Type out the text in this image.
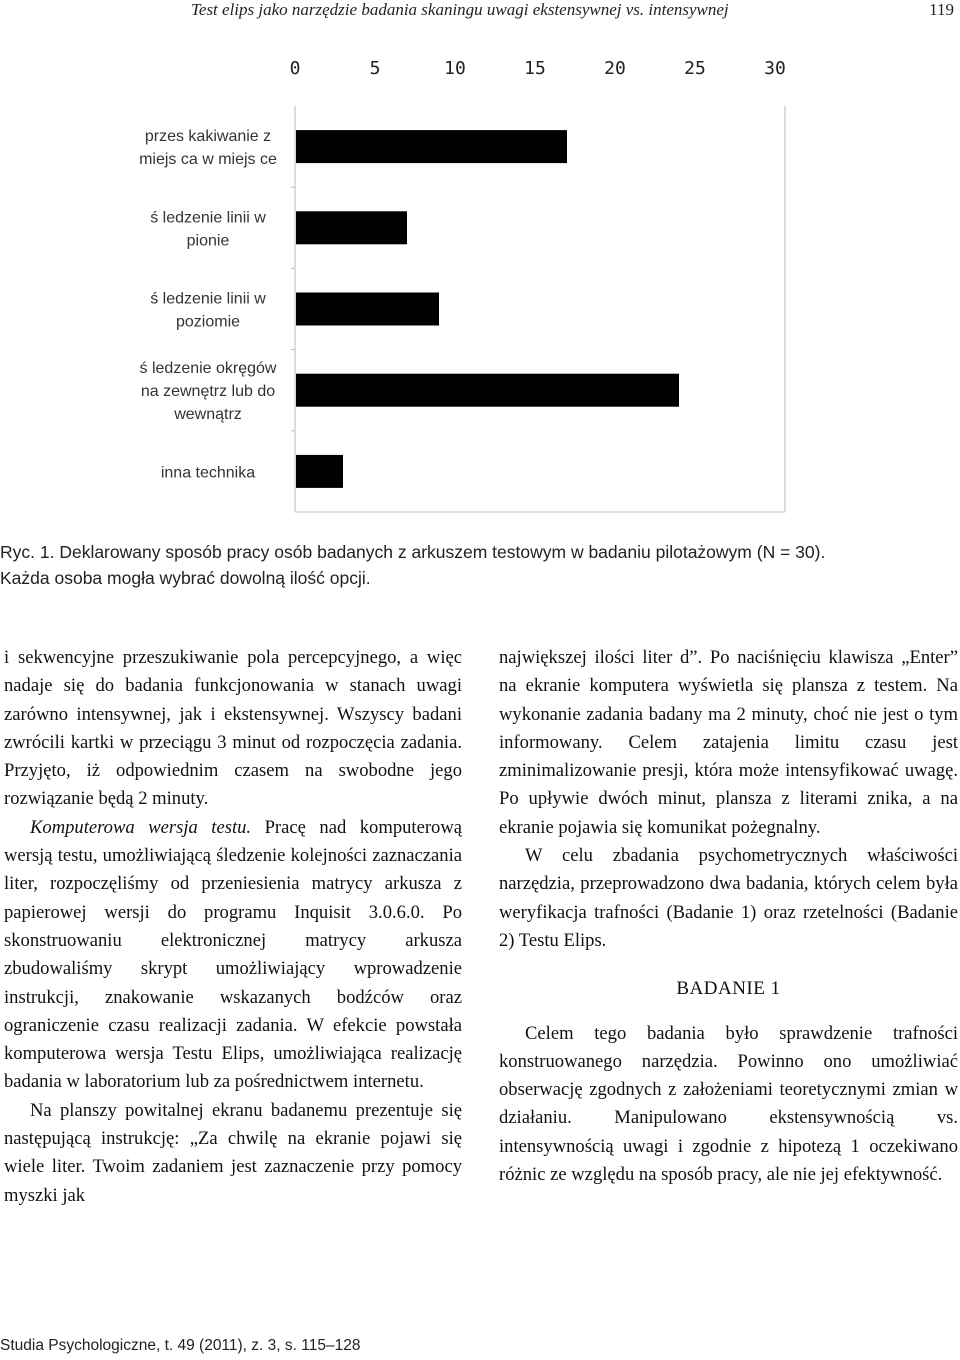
Test elips jako narzędzie badania skaningu uwagi ekstensywnej vs. intensywnej	119
0	5	10	15	20	25	30
przes kakiwanie z
miejs ca w miejs ce
ś ledzenie linii w
pionie
ś ledzenie linii w
poziomie
ś ledzenie okręgów
na zewnętrz lub do
wewnątrz
inna technika
Ryc. 1. Deklarowany sposób pracy osób badanych z arkuszem testowym w badaniu pilotażowym (N = 30).
Każda osoba mogła wybrać dowolną ilość opcji.

i sekwencyjne przeszukiwanie pola percepcyjnego, a więc nadaje się do badania funkcjonowania w stanach uwagi zarówno intensywnej, jak i ekstensywnej. Wszyscy badani zwrócili kartki w przeciągu 3 minut od rozpoczęcia zadania. Przyjęto, iż odpowiednim czasem na swobodne jego rozwiązanie będą 2 minuty.

Komputerowa wersja testu. Pracę nad komputerową wersją testu, umożliwiającą śledzenie kolejności zaznaczania liter, rozpoczęliśmy od przeniesienia matrycy arkusza z papierowej wersji do programu Inquisit 3.0.6.0. Po skonstruowaniu elektronicznej matrycy arkusza zbudowaliśmy skrypt umożliwiający wprowadzenie instrukcji, znakowanie wskazanych bodźców oraz ograniczenie czasu realizacji zadania. W efekcie powstała komputerowa wersja Testu Elips, umożliwiająca realizację badania w laboratorium lub za pośrednictwem internetu.

Na planszy powitalnej ekranu badanemu prezentuje się następującą instrukcję: „Za chwilę na ekranie pojawi się wiele liter. Twoim zadaniem jest zaznaczenie przy pomocy myszki jak

największej ilości liter d”. Po naciśnięciu klawisza „Enter” na ekranie komputera wyświetla się plansza z testem. Na wykonanie zadania badany ma 2 minuty, choć nie jest o tym informowany. Celem zatajenia limitu czasu jest zminimalizowanie presji, która może intensyfikować uwagę. Po upływie dwóch minut, plansza z literami znika, a na ekranie pojawia się komunikat pożegnalny.

W celu zbadania psychometrycznych właściwości narzędzia, przeprowadzono dwa badania, których celem była weryfikacja trafności (Badanie 1) oraz rzetelności (Badanie 2) Testu Elips.

BADANIE 1

Celem tego badania było sprawdzenie trafności konstruowanego narzędzia. Powinno ono umożliwiać obserwację zgodnych z założeniami teoretycznymi zmian w działaniu. Manipulowano ekstensywnością vs. intensywnością uwagi i zgodnie z hipotezą 1 oczekiwano różnic ze względu na sposób pracy, ale nie jej efektywność.

Studia Psychologiczne, t. 49 (2011), z. 3, s. 115–128
